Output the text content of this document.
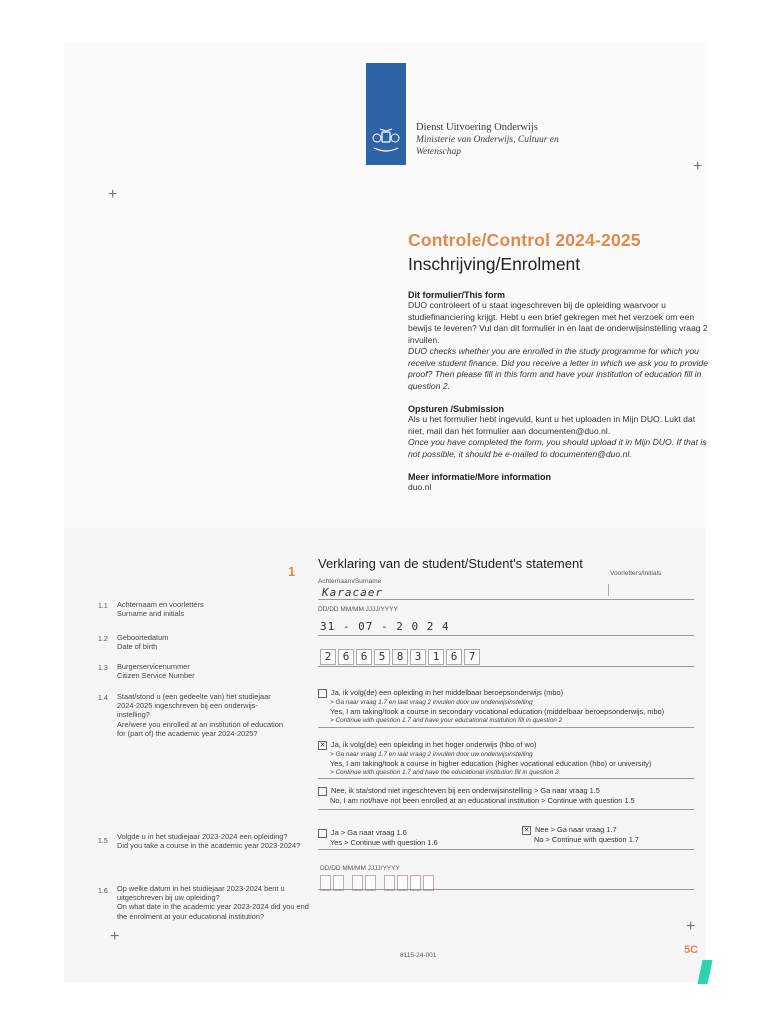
Dienst Uitvoering Onderwijs
Ministerie van Onderwijs, Cultuur en
Wetenschap
+
+
+
+
Controle/Control 2024-2025
Inschrijving/Enrolment
Dit formulier/This form
DUO controleert of u staat ingeschreven bij de opleiding waarvoor u studiefinanciering krijgt. Hebt u een brief gekregen met het verzoek om een bewijs te leveren? Vul dan dit formulier in en laat de onderwijsinstelling vraag 2 invullen.
DUO checks whether you are enrolled in the study programme for which you receive student finance. Did you receive a letter in which we ask you to provide proof? Then please fill in this form and have your institution of education fill in question 2.
Opsturen /Submission
Als u het formulier hebt ingevuld, kunt u het uploaden in Mijn DUO. Lukt dat niet, mail dan het formulier aan documenten@duo.nl.
Once you have completed the form, you should upload it in Mijn DUO. If that is not possible, it should be e-mailed to documenten@duo.nl.
Meer informatie/More information
duo.nl
1
Verklaring van de student/Student's statement
Achternaam/Surname
Voorletters/Initials
1.1 Achternaam en voorletters
Surname and initials
Karacaer
DD/DD MM/MM JJJJ/YYYY
1.2 Geboortedatum
Date of birth
31 - 07 - 2 0 2 4
1.3 Burgerservicenummer
Citizen Service Number
2 6 6 5 8 3 1 6 7
1.4 Staat/stond u (een gedeelte van) het studiejaar 2024-2025 ingeschreven bij een onderwijs-instelling?
Are/were you enrolled at an institution of education for (part of) the academic year 2024-2025?
Ja, ik volg(de) een opleiding in het middelbaar beroepsonderwijs (mbo)
> Ga naar vraag 1.7 en laat vraag 2 invullen door uw onderwijsinstelling
Yes, I am taking/took a course in secondary vocational education (middelbaar beroepsonderwijs, mbo)
> Continue with question 1.7 and have your educational institution fill in question 2
✕ Ja, ik volg(de) een opleiding in het hoger onderwijs (hbo of wo)
> Ga naar vraag 1.7 en laat vraag 2 invullen door uw onderwijsinstelling
Yes, I am taking/took a course in higher education (higher vocational education (hbo) or university)
> Continue with question 1.7 and have the educational institution fill in question 2
Nee, ik sta/stond niet ingeschreven bij een onderwijsinstelling > Ga naar vraag 1.5
No, I am not/have not been enrolled at an educational institution > Continue with question 1.5
1.5
Volgde u in het studiejaar 2023-2024 een opleiding?
Did you take a course in the academic year 2023-2024?
Ja > Ga naar vraag 1.6
Yes > Continue with question 1.6
✕ Nee > Ga naar vraag 1.7
No > Continue with question 1.7
DD/DD MM/MM JJJJ/YYYY
1.6 Op welke datum in het studiejaar 2023-2024 bent u uitgeschreven bij uw opleiding?
On what date in the academic year 2023-2024 did you end the enrolment at your educational institution?
8115-24-001	5C
